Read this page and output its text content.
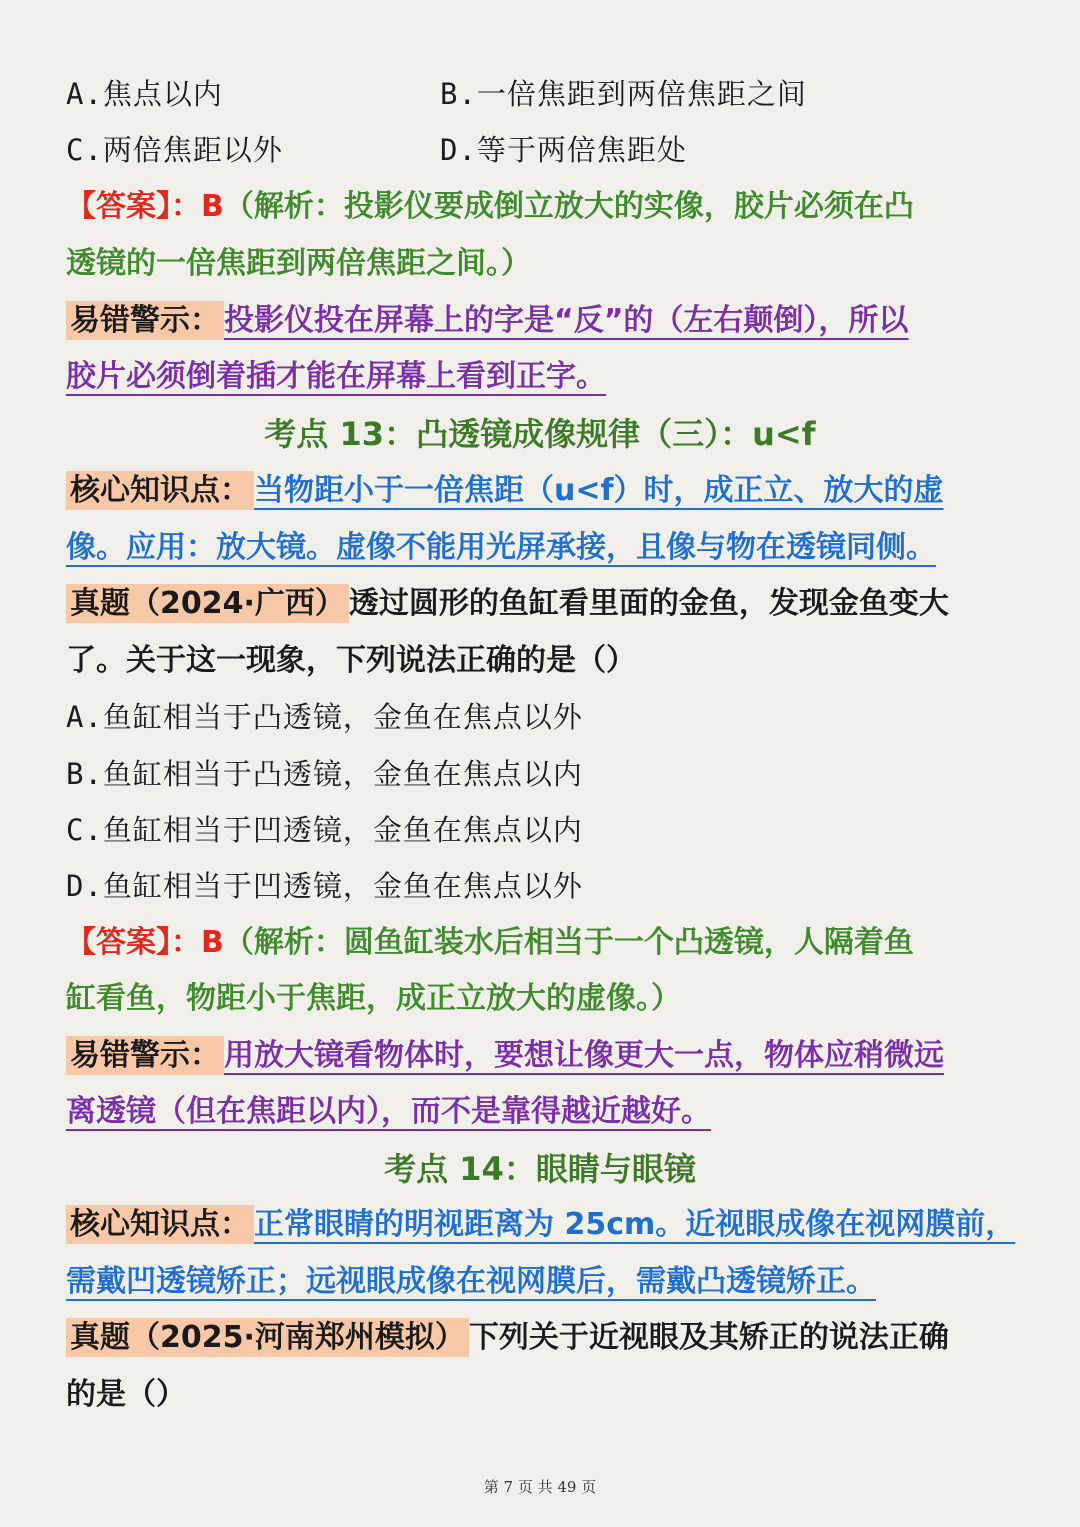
A.焦点以内	B.一倍焦距到两倍焦距之间
C.两倍焦距以外	D.等于两倍焦距处
【答案】：B（解析：投影仪要成倒立放大的实像，胶片必须在凸
透镜的一倍焦距到两倍焦距之间。）
易错警示： 投影仪投在屏幕上的字是“反”的（左右颠倒），所以
胶片必须倒着插才能在屏幕上看到正字。
考点 13：凸透镜成像规律（三）：u<f
核心知识点： 当物距小于一倍焦距（u<f）时，成正立、放大的虚
像。应用：放大镜。虚像不能用光屏承接，且像与物在透镜同侧。
真题（2024·广西） 透过圆形的鱼缸看里面的金鱼，发现金鱼变大
了。关于这一现象，下列说法正确的是（）
A.鱼缸相当于凸透镜，金鱼在焦点以外
B.鱼缸相当于凸透镜，金鱼在焦点以内
C.鱼缸相当于凹透镜，金鱼在焦点以内
D.鱼缸相当于凹透镜，金鱼在焦点以外
【答案】：B（解析：圆鱼缸装水后相当于一个凸透镜，人隔着鱼
缸看鱼，物距小于焦距，成正立放大的虚像。）
易错警示： 用放大镜看物体时，要想让像更大一点，物体应稍微远
离透镜（但在焦距以内），而不是靠得越近越好。
考点 14：眼睛与眼镜
核心知识点： 正常眼睛的明视距离为 25cm。近视眼成像在视网膜前，
需戴凹透镜矫正；远视眼成像在视网膜后，需戴凸透镜矫正。
真题（2025·河南郑州模拟） 下列关于近视眼及其矫正的说法正确
的是（）
第 7 页 共 49 页
